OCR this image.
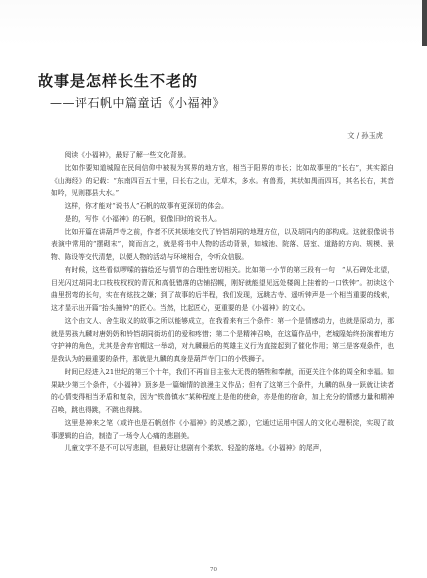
故事是怎样长生不老的
——评石帆中篇童话《小福神》
文 / 孙玉虎

阅读《小福神》，最好了解一些文化背景。

比如作要知道城隍在民间信仰中被视为冥界的地方官，相当于阳界的市长；比如故事里的“长右”，其实源自《山海经》的记载：“东南四百五十里，曰长右之山，无草木，多水。有兽焉，其状如禺而四耳，其名长右，其音如吟，见则郡县大水。”

这样，你才能对“说书人”石帆的故事有更深切的体会。

是的，写作《小福神》的石帆，很像旧时的说书人。

比如开篇在讲葫芦寺之前，作者不厌其烦地交代了铃铛胡同的地理方位，以及胡同内的部构成。这就很像说书表演中常用的“摆砌末”，简而言之，就是将书中人物的活动背景，如城池、院落、居室、道路的方向、规模、景物、陈设等交代清楚，以便人物的活动与环境相合，令听众信服。

有时候，这些看似啰嗦的描绘还与情节的合理性密切相关。比如第一小节的第三段有一句　“从石碑处北望，目光闪过胡同北口枝枝杈杈的青瓦和高低错落的店铺招幌，刚好就能望见远处楼阁上挂着的一口铁钟”。初读这个曲里拐弯的长句，实在有炫技之嫌；到了故事的后半程，我们发现，远眺古寺、遥听钟声是一个相当重要的线索，这才显示出开篇“抬头撞钟”的匠心。当然，比起匠心，更重要的是《小福神》的文心。

这个由文人、舍生取义的故事之所以能够成立，在我看来有三个条件：第一个是情感动力，也就是原动力，那就是男孩九麟对唐奶奶和铃铛胡同街坊们的爱和疼惜；第二个是精神召唤，在这篇作品中，老城隍始终扮演着地方守护神的角色，尤其是舍弃官帽这一举动，对九麟最后的英雄主义行为直接起到了催化作用；第三是客观条件，也是我认为的最重要的条件，那就是九麟的真身是葫芦寺门口的小铁狮子。

时间已经进入21世纪的第三个十年，我们不再盲目主张大无畏的牺牲和奉献，而更关注个体的周全和幸福。如果缺少第三个条件，《小福神》顶多是一篇煽情的浪漫主义作品；但有了这第三个条件，九麟的纵身一跃就让读者的心情变得相当矛盾和复杂，因为“铁兽镇水”某种程度上是他的使命，亦是他的宿命，加上充分的情感力量和精神召唤，跳也得跳，不跳也得跳。

这里是神来之笔（或许也是石帆创作《小福神》的灵感之源），它通过运用中国人的文化心理积淀，实现了故事逻辑的自洽，制造了一场令人心痛的悲剧美。

儿童文学不是不可以写悲剧，但最好让悲剧有个柔软、轻盈的落地。《小福神》的尾声，

70
